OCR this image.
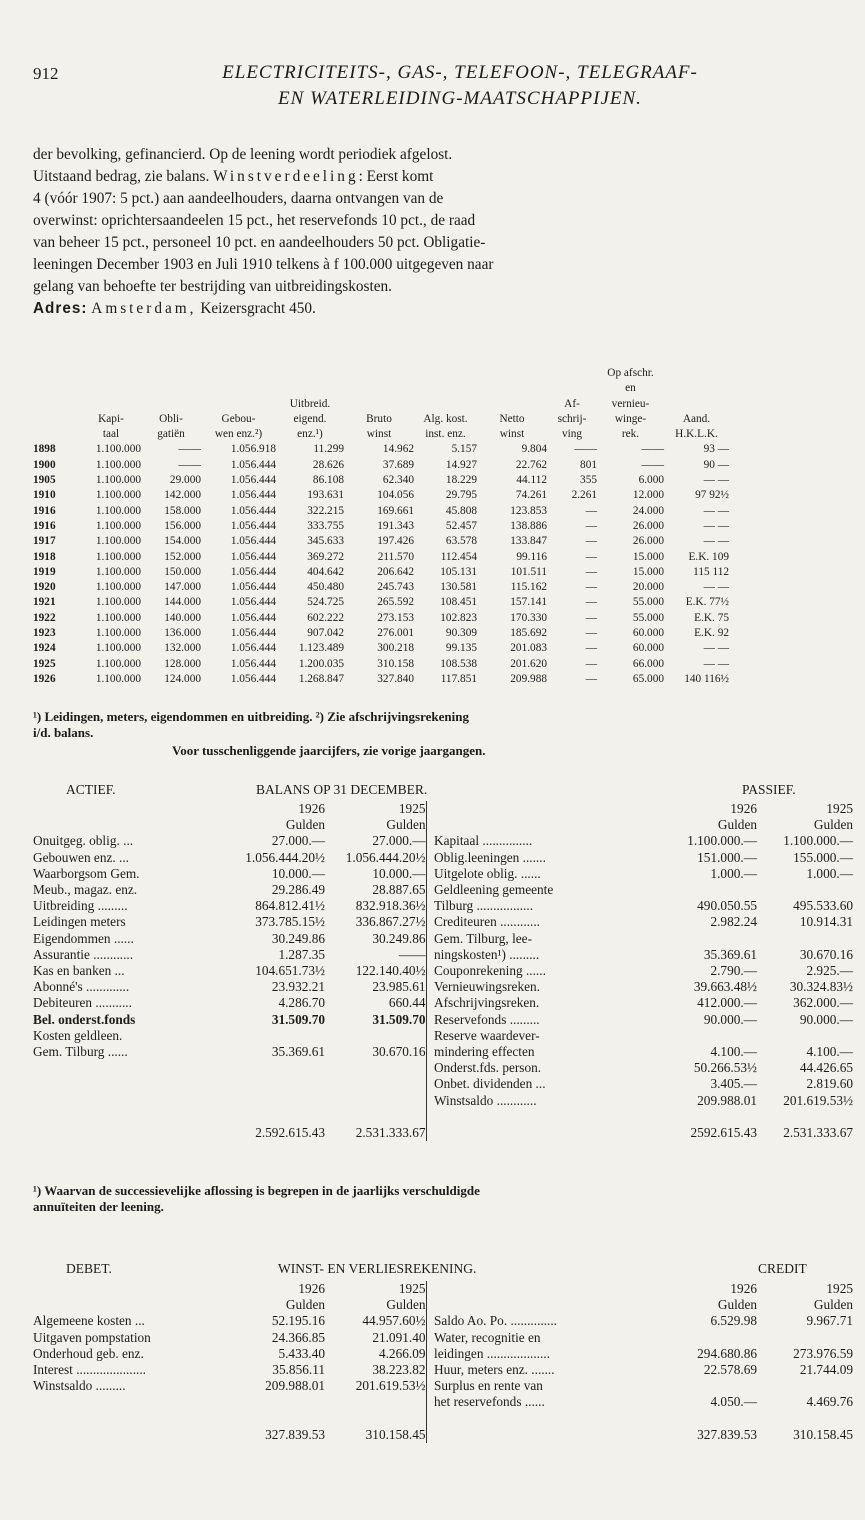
912	ELECTRICITEITS-, GAS-, TELEFOON-, TELEGRAAF-
EN WATERLEIDING-MAATSCHAPPIJEN.
der bevolking, gefinancierd. Op de leening wordt periodiek afgelost.
Uitstaand bedrag, zie balans. Winstverdeeling: Eerst komt
4 (vóór 1907: 5 pct.) aan aandeelhouders, daarna ontvangen van de
overwinst: oprichtersaandeelen 15 pct., het reservefonds 10 pct., de raad
van beheer 15 pct., personeel 10 pct. en aandeelhouders 50 pct. Obligatie-
leeningen December 1903 en Juli 1910 telkens à f 100.000 uitgegeven naar
gelang van behoefte ter bestrijding van uitbreidingskosten.
Adres: Amsterdam, Keizersgracht 450.
									Op afschr.	
									en	
				Uitbreid.				Af-	vernieu-	
	Kapi-	Obli-	Gebou-	eigend.	Bruto	Alg. kost.	Netto	schrij-	winge-	Aand.
	taal	gatiën	wen enz.²)	enz.¹)	winst	inst. enz.	winst	ving	rek.	H.K.L.K.
1898	1.100.000	——	1.056.918	11.299	14.962	5.157	9.804	——	——	93 —
1900	1.100.000	——	1.056.444	28.626	37.689	14.927	22.762	801	——	90 —
1905	1.100.000	29.000	1.056.444	86.108	62.340	18.229	44.112	355	6.000	— —
1910	1.100.000	142.000	1.056.444	193.631	104.056	29.795	74.261	2.261	12.000	97 92½
1916	1.100.000	158.000	1.056.444	322.215	169.661	45.808	123.853	—	24.000	— —
1916	1.100.000	156.000	1.056.444	333.755	191.343	52.457	138.886	—	26.000	— —
1917	1.100.000	154.000	1.056.444	345.633	197.426	63.578	133.847	—	26.000	— —
1918	1.100.000	152.000	1.056.444	369.272	211.570	112.454	99.116	—	15.000	E.K. 109
1919	1.100.000	150.000	1.056.444	404.642	206.642	105.131	101.511	—	15.000	115 112
1920	1.100.000	147.000	1.056.444	450.480	245.743	130.581	115.162	—	20.000	— —
1921	1.100.000	144.000	1.056.444	524.725	265.592	108.451	157.141	—	55.000	E.K. 77½
1922	1.100.000	140.000	1.056.444	602.222	273.153	102.823	170.330	—	55.000	E.K. 75
1923	1.100.000	136.000	1.056.444	907.042	276.001	90.309	185.692	—	60.000	E.K. 92
1924	1.100.000	132.000	1.056.444	1.123.489	300.218	99.135	201.083	—	60.000	— —
1925	1.100.000	128.000	1.056.444	1.200.035	310.158	108.538	201.620	—	66.000	— —
1926	1.100.000	124.000	1.056.444	1.268.847	327.840	117.851	209.988	—	65.000	140 116½
¹) Leidingen, meters, eigendommen en uitbreiding. ²) Zie afschrijvingsrekening
i/d. balans.
Voor tusschenliggende jaarcijfers, zie vorige jaargangen.
ACTIEF.	BALANS OP 31 DECEMBER.	PASSIEF.
	1926	1925			1926	1925
	Gulden	Gulden			Gulden	Gulden
Onuitgeg. oblig. ...	27.000.—	27.000.—		Kapitaal ...............	1.100.000.—	1.100.000.—
Gebouwen enz. ...	1.056.444.20½	1.056.444.20½		Oblig.leeningen .......	151.000.—	155.000.—
Waarborgsom Gem.	10.000.—	10.000.—		Uitgelote oblig. ......	1.000.—	1.000.—
Meub., magaz. enz.	29.286.49	28.887.65		Geldleening gemeente		
Uitbreiding .........	864.812.41½	832.918.36½		Tilburg .................	490.050.55	495.533.60
Leidingen meters	373.785.15½	336.867.27½		Crediteuren ............	2.982.24	10.914.31
Eigendommen ......	30.249.86	30.249.86		Gem. Tilburg, lee-		
Assurantie ............	1.287.35	——		ningskosten¹) .........	35.369.61	30.670.16
Kas en banken ...	104.651.73½	122.140.40½		Couponrekening ......	2.790.—	2.925.—
Abonné's .............	23.932.21	23.985.61		Vernieuwingsreken.	39.663.48½	30.324.83½
Debiteuren ...........	4.286.70	660.44		Afschrijvingsreken.	412.000.—	362.000.—
Bel. onderst.fonds	31.509.70	31.509.70		Reservefonds .........	90.000.—	90.000.—
Kosten geldleen.				Reserve waardever-		
Gem. Tilburg ......	35.369.61	30.670.16		mindering effecten	4.100.—	4.100.—
				Onderst.fds. person.	50.266.53½	44.426.65
				Onbet. dividenden ...	3.405.—	2.819.60
				Winstsaldo ............	209.988.01	201.619.53½

	2.592.615.43	2.531.333.67			2592.615.43	2.531.333.67
¹) Waarvan de successievelijke aflossing is begrepen in de jaarlijks verschuldigde
annuïteiten der leening.
DEBET.	WINST- EN VERLIESREKENING.	CREDIT
	1926	1925			1926	1925
	Gulden	Gulden			Gulden	Gulden
Algemeene kosten ...	52.195.16	44.957.60½		Saldo Ao. Po. ..............	6.529.98	9.967.71
Uitgaven pompstation	24.366.85	21.091.40		Water, recognitie en		
Onderhoud geb. enz.	5.433.40	4.266.09		leidingen ...................	294.680.86	273.976.59
Interest .....................	35.856.11	38.223.82		Huur, meters enz. .......	22.578.69	21.744.09
Winstsaldo .........	209.988.01	201.619.53½		Surplus en rente van		
				het reservefonds ......	4.050.—	4.469.76

	327.839.53	310.158.45			327.839.53	310.158.45
